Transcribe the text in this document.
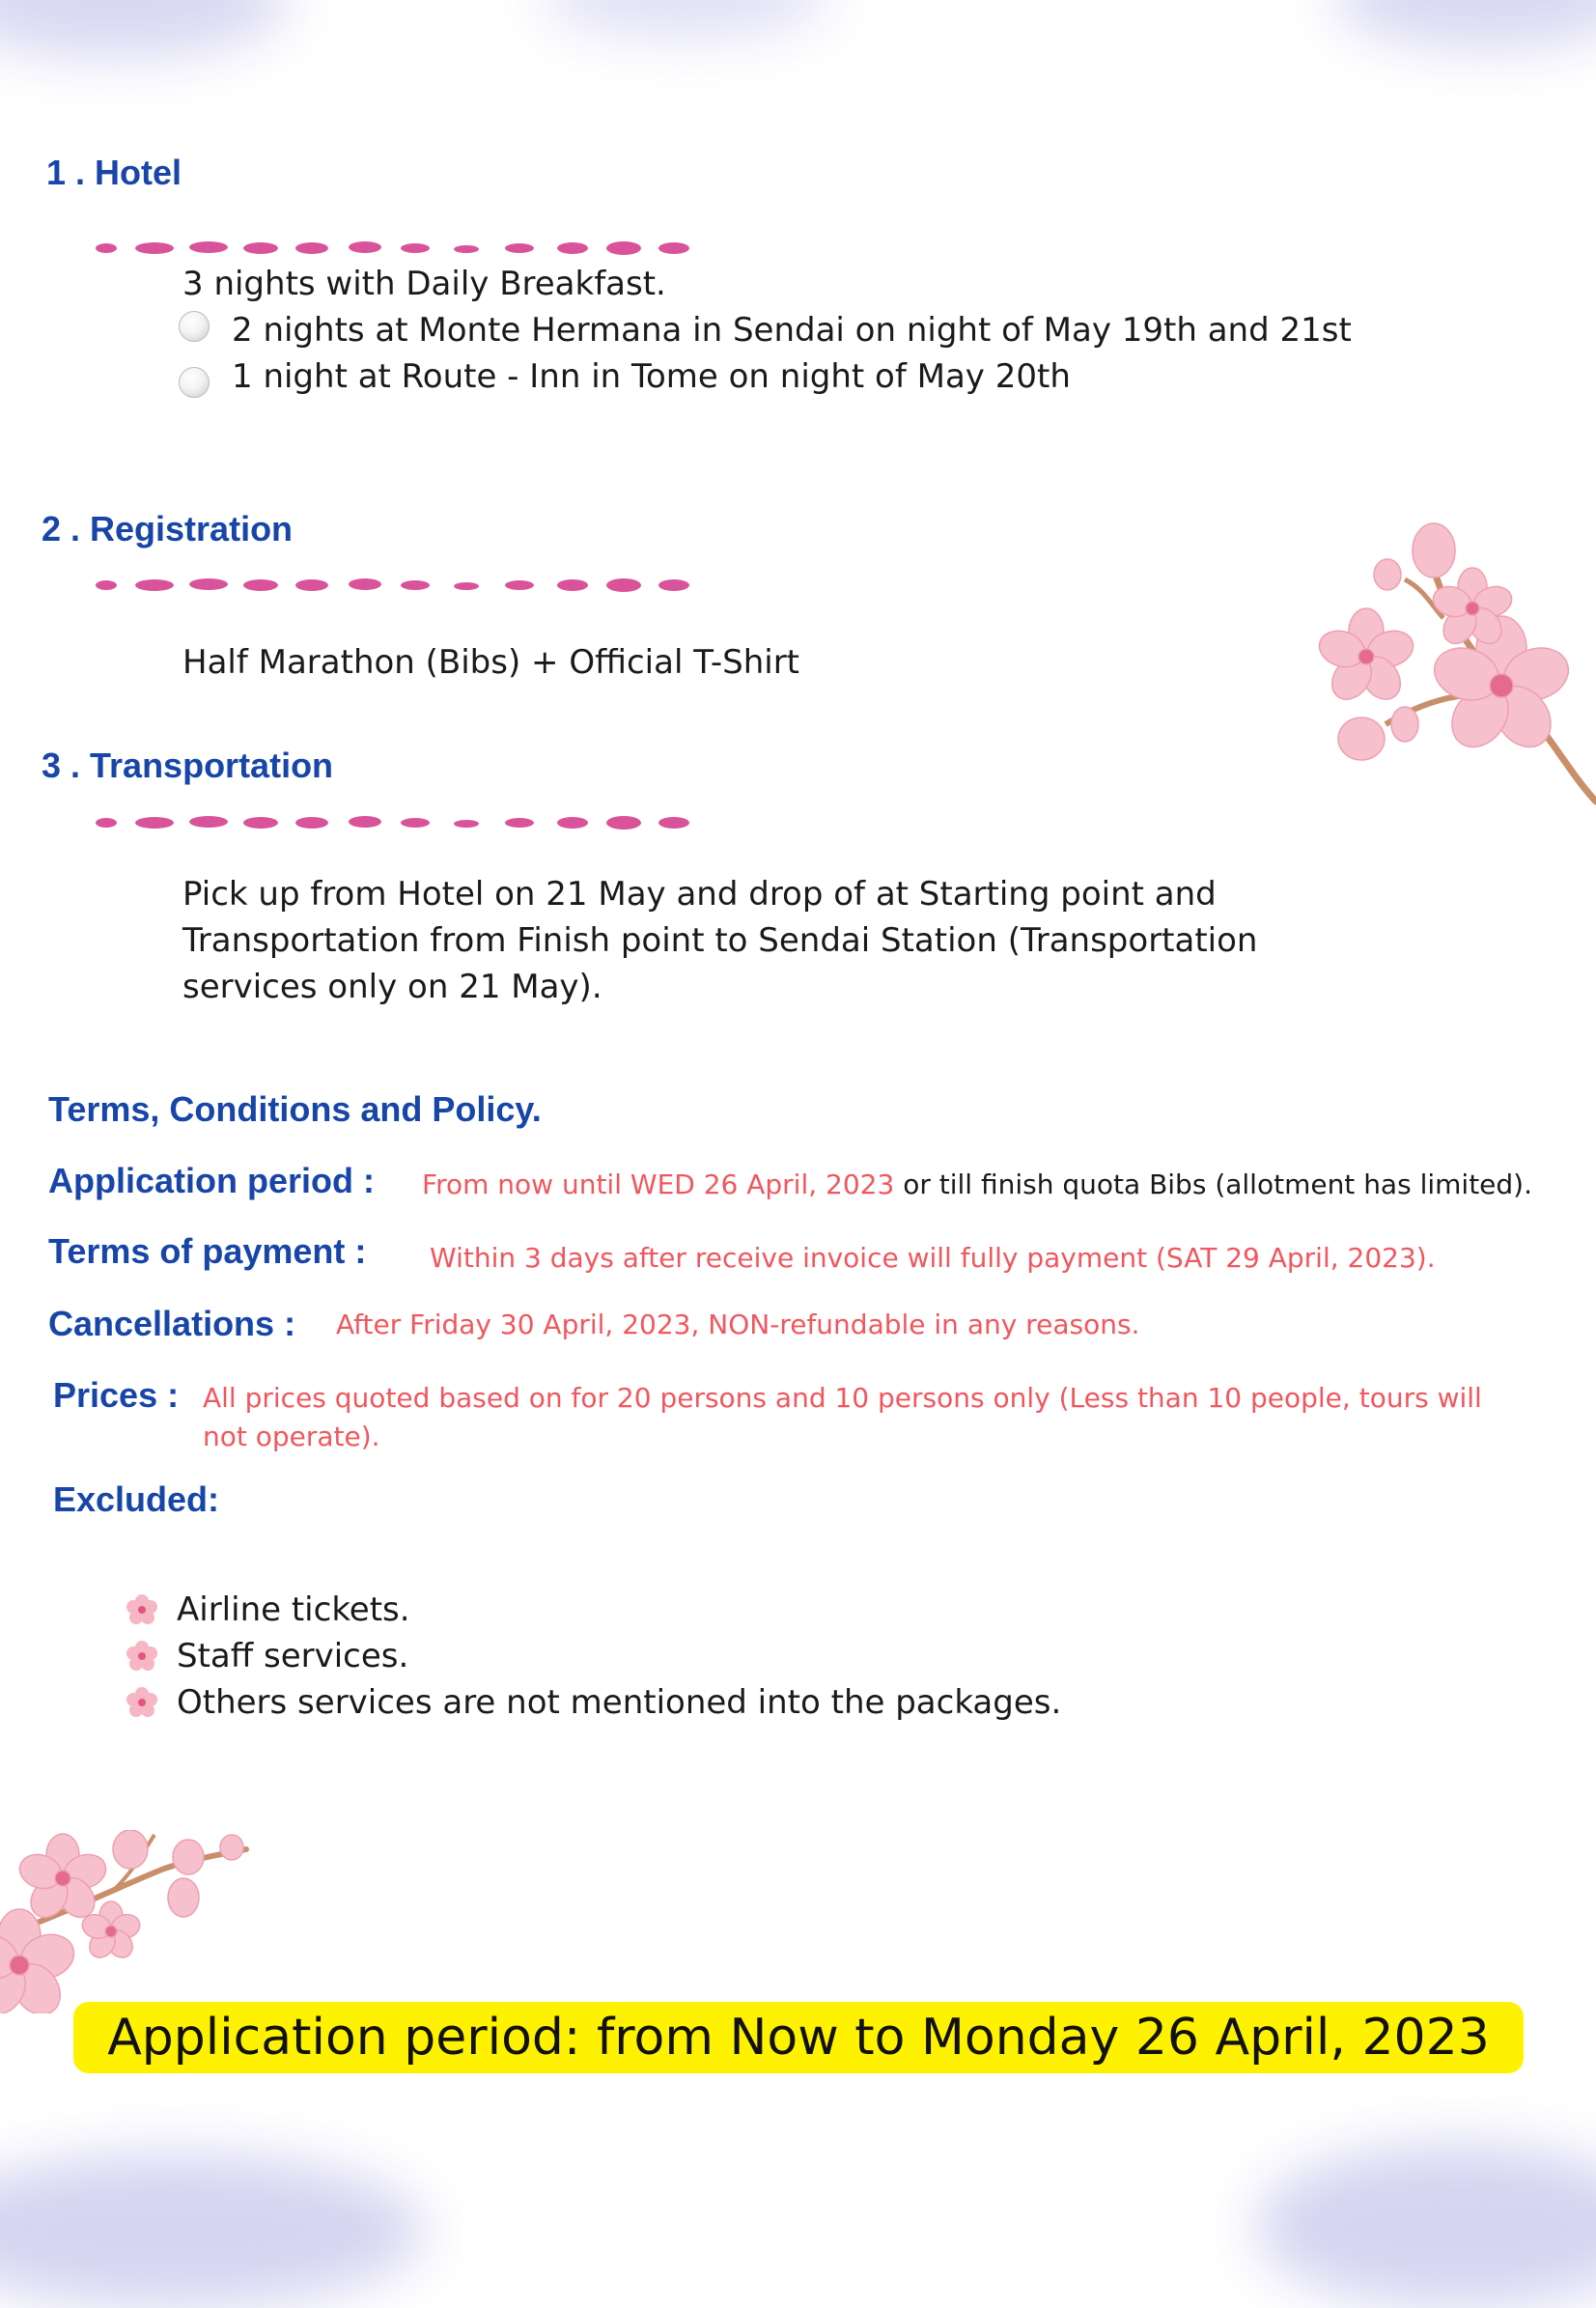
1 . Hotel
3 nights with Daily Breakfast.
2 nights at Monte Hermana in Sendai on night of May 19th and 21st
1 night at Route - Inn in Tome on night of May 20th
2 . Registration
Half Marathon (Bibs) + Official T-Shirt
3 . Transportation
Pick up from Hotel on 21 May and drop of at Starting point and
Transportation from Finish point to Sendai Station (Transportation
services only on 21 May).
Terms, Conditions and Policy.
Application period : From now until WED 26 April, 2023 or till finish quota Bibs (allotment has limited).
Terms of payment : Within 3 days after receive invoice will fully payment (SAT 29 April, 2023).
Cancellations : After Friday 30 April, 2023, NON-refundable in any reasons.
Prices : All prices quoted based on for 20 persons and 10 persons only (Less than 10 people, tours will
not operate).
Excluded:
Airline tickets.
Staff services.
Others services are not mentioned into the packages.
Application period: from Now to Monday 26 April, 2023
